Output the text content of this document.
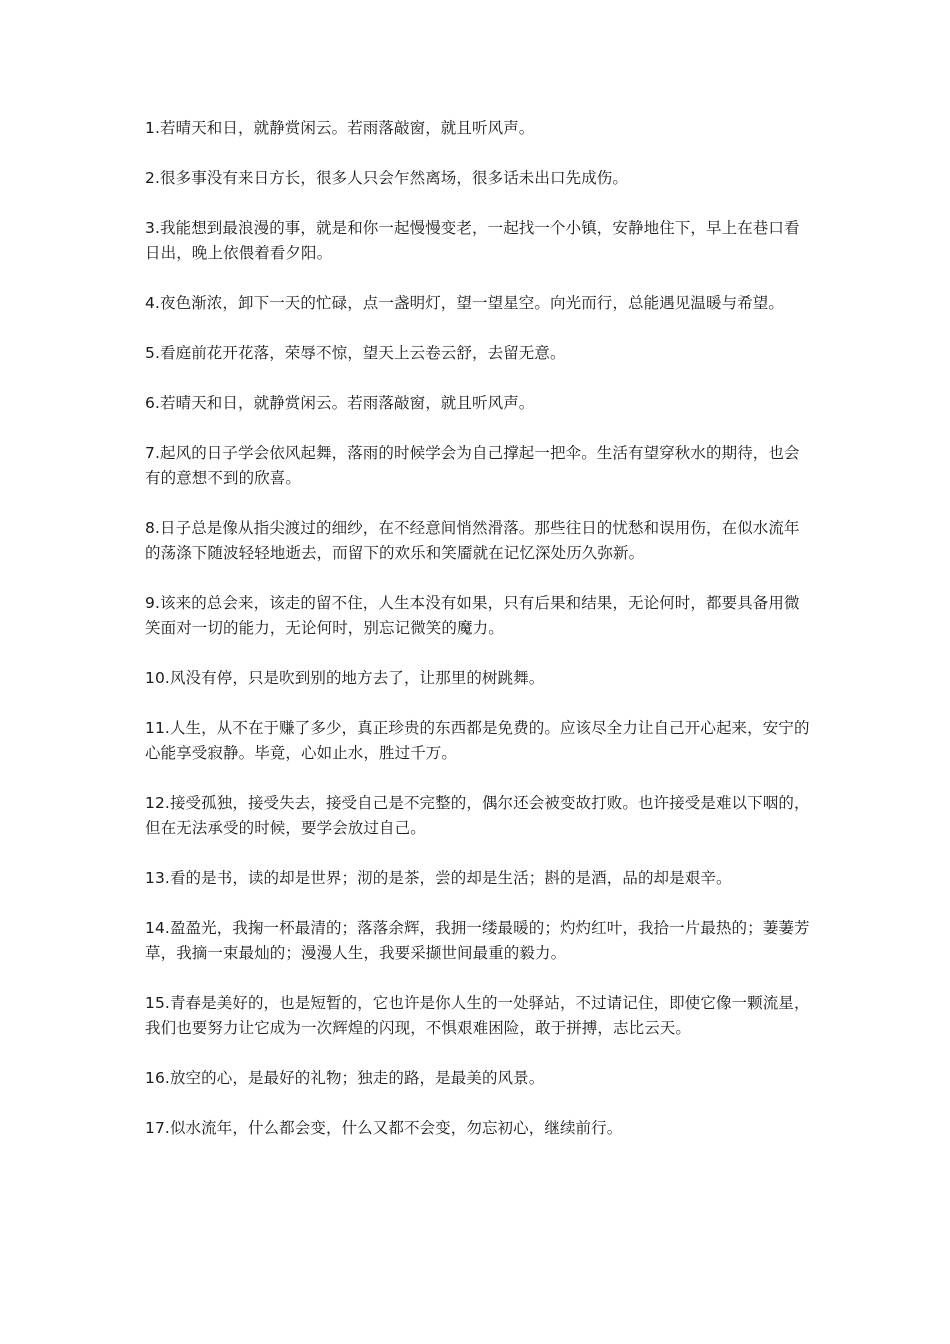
1.若晴天和日，就静赏闲云。若雨落敲窗，就且听风声。

2.很多事没有来日方长，很多人只会乍然离场，很多话未出口先成伤。

3.我能想到最浪漫的事，就是和你一起慢慢变老，一起找一个小镇，安静地住下，早上在巷口看日出，晚上依偎着看夕阳。

4.夜色渐浓，卸下一天的忙碌，点一盏明灯，望一望星空。向光而行，总能遇见温暖与希望。

5.看庭前花开花落，荣辱不惊，望天上云卷云舒，去留无意。

6.若晴天和日，就静赏闲云。若雨落敲窗，就且听风声。

7.起风的日子学会依风起舞，落雨的时候学会为自己撑起一把伞。生活有望穿秋水的期待，也会有的意想不到的欣喜。

8.日子总是像从指尖渡过的细纱，在不经意间悄然滑落。那些往日的忧愁和误用伤，在似水流年的荡涤下随波轻轻地逝去，而留下的欢乐和笑靥就在记忆深处历久弥新。

9.该来的总会来，该走的留不住，人生本没有如果，只有后果和结果，无论何时，都要具备用微笑面对一切的能力，无论何时，别忘记微笑的魔力。

10.风没有停，只是吹到别的地方去了，让那里的树跳舞。

11.人生，从不在于赚了多少，真正珍贵的东西都是免费的。应该尽全力让自己开心起来，安宁的心能享受寂静。毕竟，心如止水，胜过千万。

12.接受孤独，接受失去，接受自己是不完整的，偶尔还会被变故打败。也许接受是难以下咽的，但在无法承受的时候，要学会放过自己。

13.看的是书，读的却是世界；沏的是茶，尝的却是生活；斟的是酒，品的却是艰辛。

14.盈盈光，我掬一杯最清的；落落余辉，我拥一缕最暖的；灼灼红叶，我拾一片最热的；萋萋芳草，我摘一束最灿的；漫漫人生，我要采撷世间最重的毅力。

15.青春是美好的，也是短暂的，它也许是你人生的一处驿站，不过请记住，即使它像一颗流星，我们也要努力让它成为一次辉煌的闪现，不惧艰难困险，敢于拼搏，志比云天。

16.放空的心，是最好的礼物；独走的路，是最美的风景。

17.似水流年，什么都会变，什么又都不会变，勿忘初心，继续前行。
